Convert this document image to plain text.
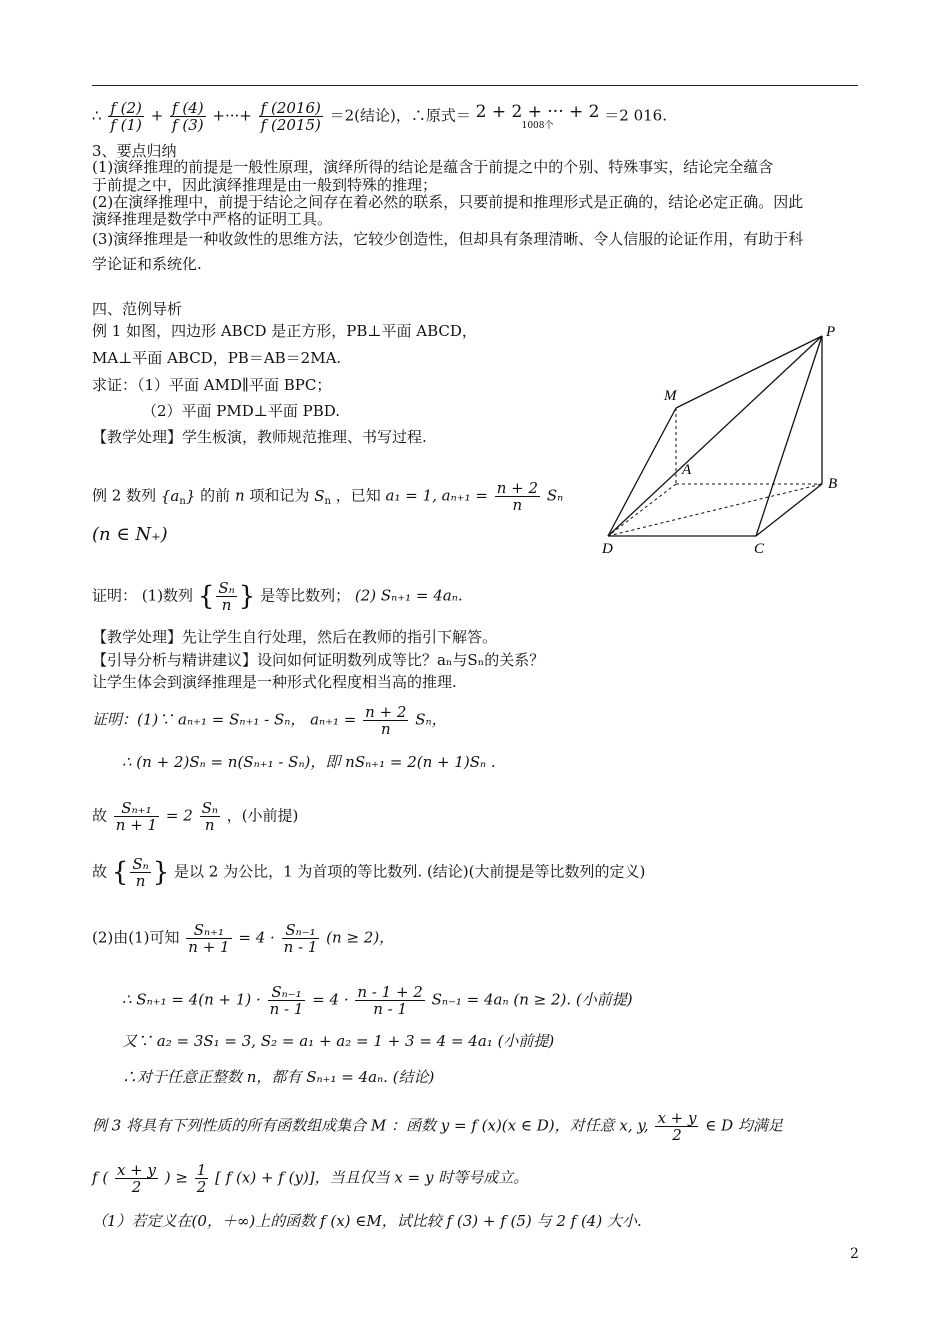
∴ $\frac{f (2)}{f (1)} + \frac{f (4)}{f (3)}$ +···+ $\frac{f (2016)}{f (2015)} =2$(结论)，∴原式＝ 2 + 2 + ··· + 2
1008个
＝2 016.
3、要点归纳
(1)演绎推理的前提是一般性原理，演绎所得的结论是蕴含于前提之中的个别、特殊事实，结论完全蕴含
于前提之中，因此演绎推理是由一般到特殊的推理；
(2)在演绎推理中，前提于结论之间存在着必然的联系，只要前提和推理形式是正确的，结论必定正确。因此
演绎推理是数学中严格的证明工具。
(3)演绎推理是一种收敛性的思维方法，它较少创造性，但却具有条理清晰、令人信服的论证作用，有助于科
学论证和系统化.
四、范例导析
例 1 如图，四边形 ABCD 是正方形，PB⊥平面 ABCD，
MA⊥平面 ABCD，PB＝AB＝2MA.
求证：（1）平面 AMD∥平面 BPC；
（2）平面 PMD⊥平面 PBD.
【教学处理】学生板演，教师规范推理、书写过程.
P
M
A
B
D	C
例 2 数列 $\{a_n\}$ 的前 n 项和记为 $S_n$ ，已知 a₁ = 1, $a_{n+1} = \frac{n + 2}{n}$ Sₙ
(n ∈ N₊)
证明： (1)数列 { $\frac{\text{Sₙ}}{n}$ } 是等比数列； (2) Sₙ₊₁ = 4aₙ.
【教学处理】先让学生自行处理，然后在教师的指引下解答。
【引导分析与精讲建议】设问如何证明数列成等比？aₙ与Sₙ的关系？
让学生体会到演绎推理是一种形式化程度相当高的推理.
证明：(1)∵ aₙ₊₁ = Sₙ₊₁ - Sₙ， $a_{n+1} = \frac{n + 2}{n}$ Sₙ，
∴ (n + 2)Sₙ = n(Sₙ₊₁ - Sₙ)，即 nSₙ₊₁ = 2(n + 1)Sₙ .
故 $\frac{\text{Sₙ₊₁}}{n + 1} = 2 \frac{\text{Sₙ}}{n}$ ，(小前提)
故 { $\frac{\text{Sₙ}}{n}$ } 是以 2 为公比，1 为首项的等比数列. (结论)(大前提是等比数列的定义)
(2)由(1)可知 $\frac{\text{Sₙ₊₁}}{n + 1} = 4 \cdot \frac{\text{Sₙ₋₁}}{n - 1} (n \ge 2)$，
∴ $S_{n+1} = 4(n + 1) \cdot \frac{\text{Sₙ₋₁}}{n - 1} = 4 \cdot \frac{n - 1 + 2}{n - 1} S_{n-1} = 4a_n$ (n ≥ 2). (小前提)
又∵ a₂ = 3S₁ = 3, S₂ = a₁ + a₂ = 1 + 3 = 4 = 4a₁ (小前提)
∴对于任意正整数 n，都有 Sₙ₊₁ = 4aₙ. (结论)
例 3 将具有下列性质的所有函数组成集合 M ：函数 y = f (x)(x ∈ D)，对任意 x, y, $\frac{x + y}{2}$ ∈ D 均满足
f ( $\frac{x + y}{2}$ ) ≥ $\frac{1}{2}$ [ f (x) + f (y)]，当且仅当 x = y 时等号成立。
（1）若定义在(0，＋∞)上的函数 f (x) ∈M，试比较 f (3) + f (5) 与 2 f (4) 大小.
2
